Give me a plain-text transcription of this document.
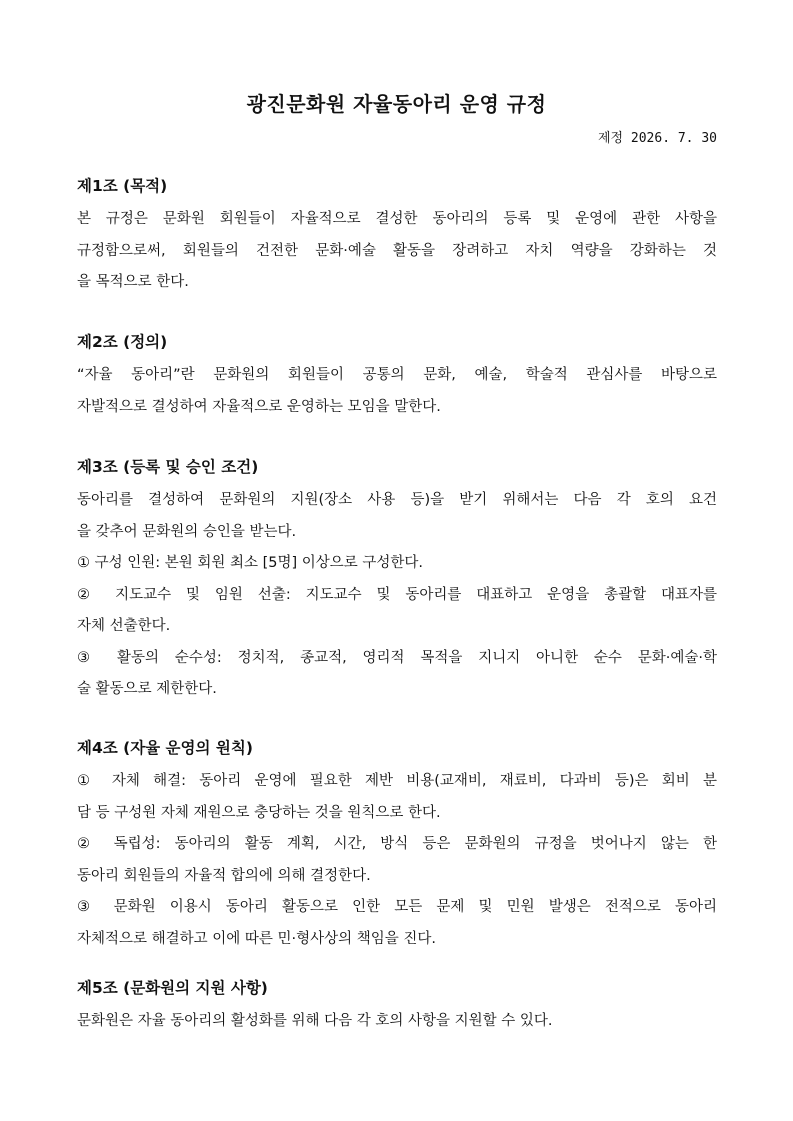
광진문화원 자율동아리 운영 규정
제정 2026. 7. 30
제1조 (목적)
본 규정은 문화원 회원들이 자율적으로 결성한 동아리의 등록 및 운영에 관한 사항을
규정함으로써, 회원들의 건전한 문화·예술 활동을 장려하고 자치 역량을 강화하는 것
을 목적으로 한다.
제2조 (정의)
“자율 동아리”란 문화원의 회원들이 공통의 문화, 예술, 학술적 관심사를 바탕으로
자발적으로 결성하여 자율적으로 운영하는 모임을 말한다.
제3조 (등록 및 승인 조건)
동아리를 결성하여 문화원의 지원(장소 사용 등)을 받기 위해서는 다음 각 호의 요건
을 갖추어 문화원의 승인을 받는다.
① 구성 인원: 본원 회원 최소 [5명] 이상으로 구성한다.
② 지도교수 및 임원 선출: 지도교수 및 동아리를 대표하고 운영을 총괄할 대표자를
자체 선출한다.
③ 활동의 순수성: 정치적, 종교적, 영리적 목적을 지니지 아니한 순수 문화·예술·학
술 활동으로 제한한다.
제4조 (자율 운영의 원칙)
① 자체 해결: 동아리 운영에 필요한 제반 비용(교재비, 재료비, 다과비 등)은 회비 분
담 등 구성원 자체 재원으로 충당하는 것을 원칙으로 한다.
② 독립성: 동아리의 활동 계획, 시간, 방식 등은 문화원의 규정을 벗어나지 않는 한
동아리 회원들의 자율적 합의에 의해 결정한다.
③ 문화원 이용시 동아리 활동으로 인한 모든 문제 및 민원 발생은 전적으로 동아리
자체적으로 해결하고 이에 따른 민·형사상의 책임을 진다.
제5조 (문화원의 지원 사항)
문화원은 자율 동아리의 활성화를 위해 다음 각 호의 사항을 지원할 수 있다.
